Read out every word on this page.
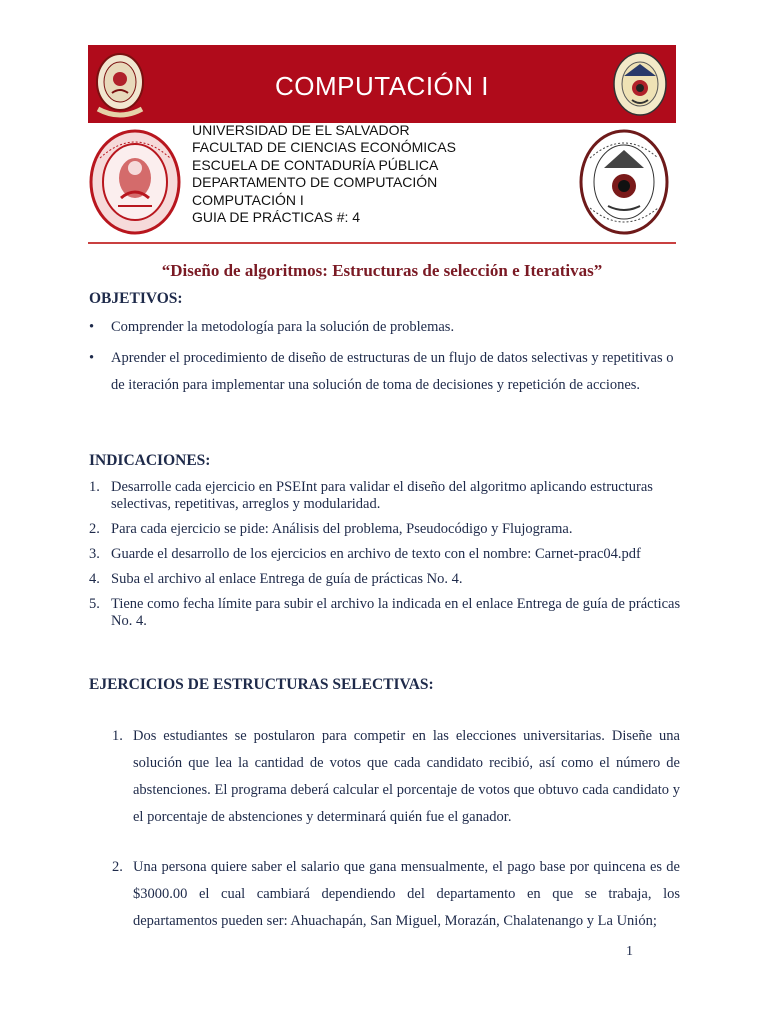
COMPUTACIÓN I
UNIVERSIDAD DE EL SALVADOR
FACULTAD DE CIENCIAS ECONÓMICAS
ESCUELA DE CONTADURÍA PÚBLICA
DEPARTAMENTO DE COMPUTACIÓN
COMPUTACIÓN I
GUIA DE PRÁCTICAS #: 4
“Diseño de algoritmos: Estructuras de selección e Iterativas”
OBJETIVOS:
• Comprender la metodología para la solución de problemas.
• Aprender el procedimiento de diseño de estructuras de un flujo de datos selectivas y repetitivas o de iteración para implementar una solución de toma de decisiones y repetición de acciones.
INDICACIONES:
1. Desarrolle cada ejercicio en PSEInt para validar el diseño del algoritmo aplicando estructuras selectivas, repetitivas, arreglos y modularidad.
2. Para cada ejercicio se pide: Análisis del problema, Pseudocódigo y Flujograma.
3. Guarde el desarrollo de los ejercicios en archivo de texto con el nombre: Carnet-prac04.pdf
4. Suba el archivo al enlace Entrega de guía de prácticas No. 4.
5. Tiene como fecha límite para subir el archivo la indicada en el enlace Entrega de guía de prácticas No. 4.
EJERCICIOS DE ESTRUCTURAS SELECTIVAS:
1. Dos estudiantes se postularon para competir en las elecciones universitarias. Diseñe una solución que lea la cantidad de votos que cada candidato recibió, así como el número de abstenciones. El programa deberá calcular el porcentaje de votos que obtuvo cada candidato y el porcentaje de abstenciones y determinará quién fue el ganador.
2. Una persona quiere saber el salario que gana mensualmente, el pago base por quincena es de $3000.00 el cual cambiará dependiendo del departamento en que se trabaja, los departamentos pueden ser: Ahuachapán, San Miguel, Morazán, Chalatenango y La Unión;
1
